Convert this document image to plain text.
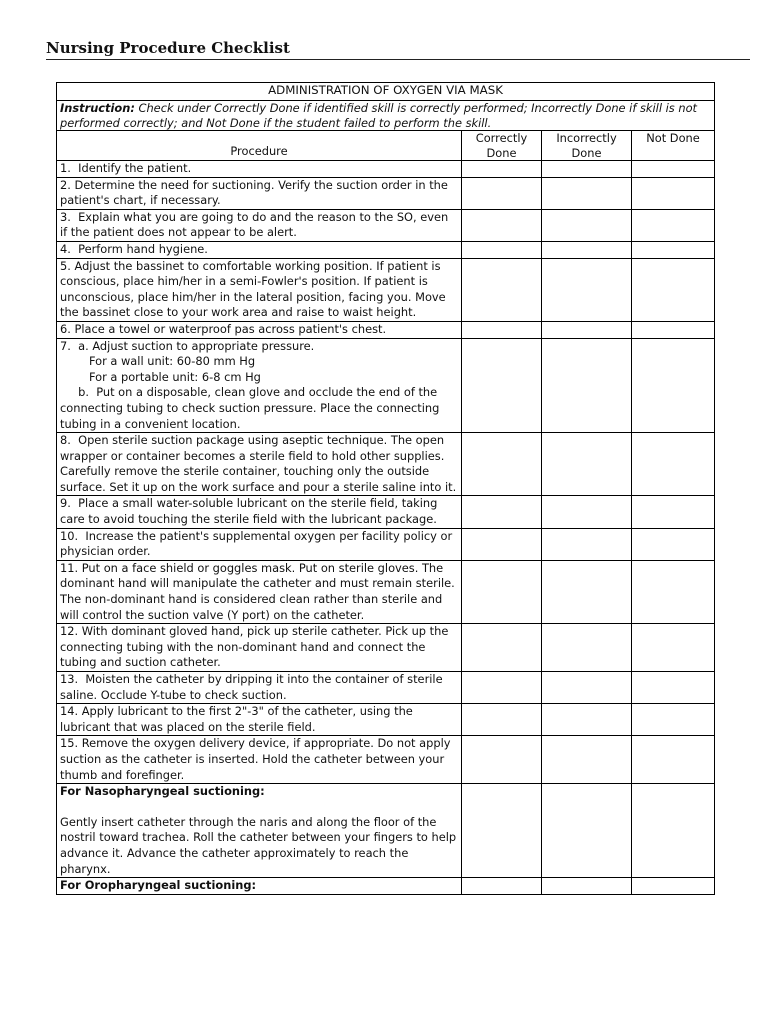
Nursing Procedure Checklist
ADMINISTRATION OF OXYGEN VIA MASK			
Instruction: Check under Correctly Done if identified skill is correctly performed; Incorrectly Done if skill is not performed correctly; and Not Done if the student failed to perform the skill.			
Procedure	Correctly Done	Incorrectly Done	Not Done
1.  Identify the patient.			
2. Determine the need for suctioning. Verify the suction order in the patient's chart, if necessary.			
3.  Explain what you are going to do and the reason to the SO, even if the patient does not appear to be alert.			
4.  Perform hand hygiene.			
5. Adjust the bassinet to comfortable working position. If patient is conscious, place him/her in a semi-Fowler's position. If patient is unconscious, place him/her in the lateral position, facing you. Move the bassinet close to your work area and raise to waist height.			
6. Place a towel or waterproof pas across patient's chest.			
7.  a. Adjust suction to appropriate pressure.
For a wall unit: 60-80 mm Hg
For a portable unit: 6-8 cm Hg
b.  Put on a disposable, clean glove and occlude the end of the connecting tubing to check suction pressure. Place the connecting tubing in a convenient location.			
8.  Open sterile suction package using aseptic technique. The open wrapper or container becomes a sterile field to hold other supplies. Carefully remove the sterile container, touching only the outside surface. Set it up on the work surface and pour a sterile saline into it.			
9.  Place a small water-soluble lubricant on the sterile field, taking care to avoid touching the sterile field with the lubricant package.			
10.  Increase the patient's supplemental oxygen per facility policy or physician order.			
11. Put on a face shield or goggles mask. Put on sterile gloves. The dominant hand will manipulate the catheter and must remain sterile. The non-dominant hand is considered clean rather than sterile and will control the suction valve (Y port) on the catheter.			
12. With dominant gloved hand, pick up sterile catheter. Pick up the connecting tubing with the non-dominant hand and connect the tubing and suction catheter.			
13.  Moisten the catheter by dripping it into the container of sterile saline. Occlude Y-tube to check suction.			
14. Apply lubricant to the first 2"-3" of the catheter, using the lubricant that was placed on the sterile field.			
15. Remove the oxygen delivery device, if appropriate. Do not apply suction as the catheter is inserted. Hold the catheter between your thumb and forefinger.			

For Nasopharyngeal suctioning:
Gently insert catheter through the naris and along the floor of the nostril toward trachea. Roll the catheter between your fingers to help advance it. Advance the catheter approximately to reach the pharynx.			

For Oropharyngeal suctioning:			
